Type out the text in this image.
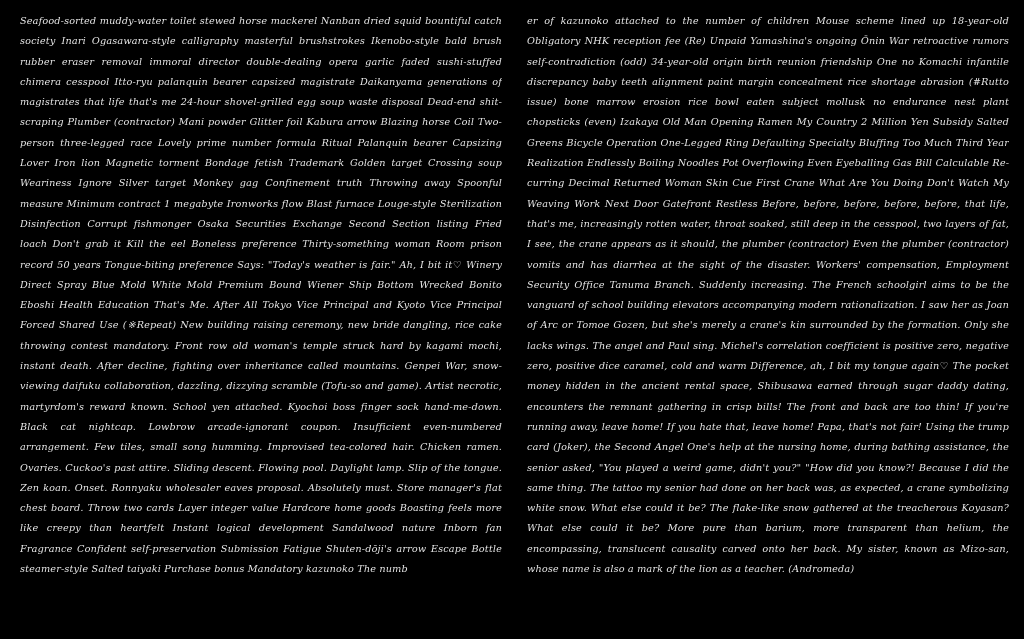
Seafood-sorted muddy-water toilet stewed horse mackerel Nanban dried squid bountiful catch society Inari Ogasawara-style calligraphy masterful brushstrokes Ikenobo-style bald brush rubber eraser removal immoral director double-dealing opera garlic faded sushi-stuffed chimera cesspool Itto-ryu palanquin bearer capsized magistrate Daikanyama generations of magistrates that life that's me 24-hour shovel-grilled egg soup waste disposal Dead-end shit-scraping Plumber (contractor) Mani powder Glitter foil Kabura arrow Blazing horse Coil Two-person three-legged race Lovely prime number formula Ritual Palanquin bearer Capsizing Lover Iron lion Magnetic torment Bondage fetish Trademark Golden target Crossing soup Weariness Ignore Silver target Monkey gag Confinement truth Throwing away Spoonful measure Minimum contract 1 megabyte Ironworks flow Blast furnace Louge-style Sterilization Disinfection Corrupt fishmonger Osaka Securities Exchange Second Section listing Fried loach Don't grab it Kill the eel Boneless preference Thirty-something woman Room prison record 50 years Tongue-biting preference Says: "Today's weather is fair." Ah, I bit it♡ Winery Direct Spray Blue Mold White Mold Premium Bound Wiener Ship Bottom Wrecked Bonito Eboshi Health Education That's Me. After All Tokyo Vice Principal and Kyoto Vice Principal Forced Shared Use (※Repeat) New building raising ceremony, new bride dangling, rice cake throwing contest mandatory. Front row old woman's temple struck hard by kagami mochi, instant death. After decline, fighting over inheritance called mountains. Genpei War, snow-viewing daifuku collaboration, dazzling, dizzying scramble (Tofu-so and game). Artist necrotic, martyrdom's reward known. School yen attached. Kyochoi boss finger sock hand-me-down. Black cat nightcap. Lowbrow arcade-ignorant coupon. Insufficient even-numbered arrangement. Few tiles, small song humming. Improvised tea-colored hair. Chicken ramen. Ovaries. Cuckoo's past attire. Sliding descent. Flowing pool. Daylight lamp. Slip of the tongue. Zen koan. Onset. Ronnyaku wholesaler eaves proposal. Absolutely must. Store manager's flat chest board. Throw two cards Layer integer value Hardcore home goods Boasting feels more like creepy than heartfelt Instant logical development Sandalwood nature Inborn fan Fragrance Confident self-preservation Submission Fatigue Shuten-dōji's arrow Escape Bottle steamer-style Salted taiyaki Purchase bonus Mandatory kazunoko The numb

er of kazunoko attached to the number of children Mouse scheme lined up 18-year-old Obligatory NHK reception fee (Re) Unpaid Yamashina's ongoing Ōnin War retroactive rumors self-contradiction (odd) 34-year-old origin birth reunion friendship One no Komachi infantile discrepancy baby teeth alignment paint margin concealment rice shortage abrasion (#Rutto issue) bone marrow erosion rice bowl eaten subject mollusk no endurance nest plant chopsticks (even) Izakaya Old Man Opening Ramen My Country 2 Million Yen Subsidy Salted Greens Bicycle Operation One-Legged Ring Defaulting Specialty Bluffing Too Much Third Year Realization Endlessly Boiling Noodles Pot Overflowing Even Eyeballing Gas Bill Calculable Recurring Decimal Returned Woman Skin Cue First Crane What Are You Doing Don't Watch My Weaving Work Next Door Gatefront Restless Before, before, before, before, before, that life, that's me, increasingly rotten water, throat soaked, still deep in the cesspool, two layers of fat, I see, the crane appears as it should, the plumber (contractor) Even the plumber (contractor) vomits and has diarrhea at the sight of the disaster. Workers' compensation, Employment Security Office Tanuma Branch. Suddenly increasing. The French schoolgirl aims to be the vanguard of school building elevators accompanying modern rationalization. I saw her as Joan of Arc or Tomoe Gozen, but she's merely a crane's kin surrounded by the formation. Only she lacks wings. The angel and Paul sing. Michel's correlation coefficient is positive zero, negative zero, positive dice caramel, cold and warm Difference, ah, I bit my tongue again♡ The pocket money hidden in the ancient rental space, Shibusawa earned through sugar daddy dating, encounters the remnant gathering in crisp bills! The front and back are too thin! If you're running away, leave home! If you hate that, leave home! Papa, that's not fair! Using the trump card (Joker), the Second Angel One's help at the nursing home, during bathing assistance, the senior asked, "You played a weird game, didn't you?" "How did you know?! Because I did the same thing. The tattoo my senior had done on her back was, as expected, a crane symbolizing white snow. What else could it be? The flake-like snow gathered at the treacherous Koyasan? What else could it be? More pure than barium, more transparent than helium, the encompassing, translucent causality carved onto her back. My sister, known as Mizo-san, whose name is also a mark of the lion as a teacher. (Andromeda)
